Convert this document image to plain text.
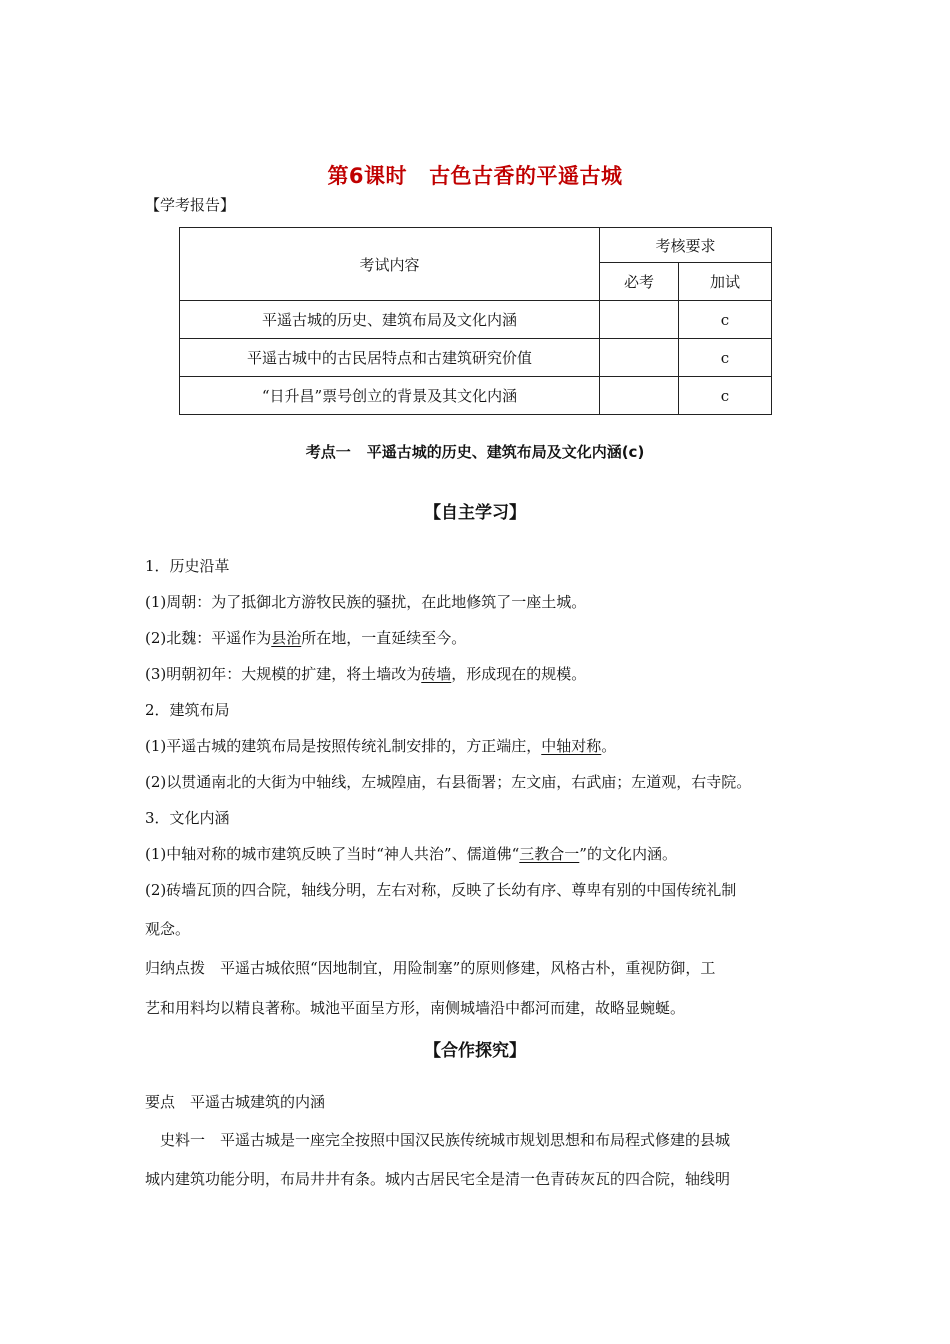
第6课时 古色古香的平遥古城
【学考报告】
考试内容	考核要求	
	必考	加试
平遥古城的历史、建筑布局及文化内涵		c
平遥古城中的古民居特点和古建筑研究价值		c
“日升昌”票号创立的背景及其文化内涵		c
考点一 平遥古城的历史、建筑布局及文化内涵(c)
【自主学习】
1．历史沿革
(1)周朝：为了抵御北方游牧民族的骚扰，在此地修筑了一座土城。
(2)北魏：平遥作为县治所在地，一直延续至今。
(3)明朝初年：大规模的扩建，将土墙改为砖墙，形成现在的规模。
2．建筑布局
(1)平遥古城的建筑布局是按照传统礼制安排的，方正端庄，中轴对称。
(2)以贯通南北的大街为中轴线，左城隍庙，右县衙署；左文庙，右武庙；左道观，右寺院。
3．文化内涵
(1)中轴对称的城市建筑反映了当时“神人共治”、儒道佛“三教合一”的文化内涵。
(2)砖墙瓦顶的四合院，轴线分明，左右对称，反映了长幼有序、尊卑有别的中国传统礼制
观念。
归纳点拨　平遥古城依照“因地制宜，用险制塞”的原则修建，风格古朴，重视防御，工
艺和用料均以精良著称。城池平面呈方形，南侧城墙沿中都河而建，故略显蜿蜒。
【合作探究】
要点　平遥古城建筑的内涵
　史料一　平遥古城是一座完全按照中国汉民族传统城市规划思想和布局程式修建的县城
城内建筑功能分明，布局井井有条。城内古居民宅全是清一色青砖灰瓦的四合院，轴线明
